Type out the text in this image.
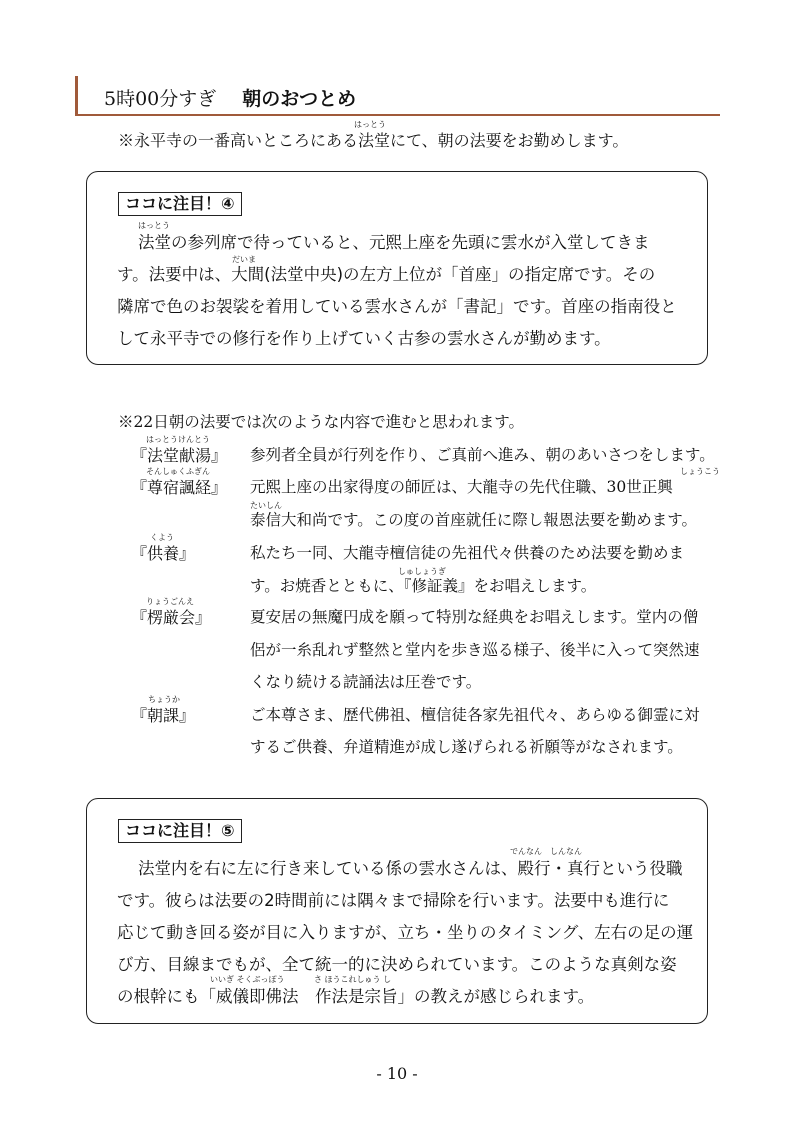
5時00分すぎ 朝のおつとめ
はっとう
※永平寺の一番高いところにある法堂にて、朝の法要をお勤めします。
ココに注目！④
はっとう
だいま
法堂の参列席で待っていると、元熙上座を先頭に雲水が入堂してきま
す。法要中は、大間(法堂中央)の左方上位が「首座」の指定席です。その
隣席で色のお袈裟を着用している雲水さんが「書記」です。首座の指南役と
して永平寺での修行を作り上げていく古参の雲水さんが勤めます。
※22日朝の法要では次のような内容で進むと思われます。
はっとうけんとう
『法堂献湯』 参列者全員が行列を作り、ご真前へ進み、朝のあいさつをします。
そんしゅくふぎん	しょうこう
『尊宿諷経』 元熙上座の出家得度の師匠は、大龍寺の先代住職、30世正興
たいしん
泰信大和尚です。この度の首座就任に際し報恩法要を勤めます。
くよう
しゅしょうぎ
『供養』	私たち一同、大龍寺檀信徒の先祖代々供養のため法要を勤めま
す。お焼香とともに、『修証義』をお唱えします。
りょうごんえ
『楞厳会』	夏安居の無魔円成を願って特別な経典をお唱えします。堂内の僧
侶が一糸乱れず整然と堂内を歩き巡る様子、後半に入って突然速
くなり続ける読誦法は圧巻です。
ちょうか
『朝課』	ご本尊さま、歴代佛祖、檀信徒各家先祖代々、あらゆる御霊に対
するご供養、弁道精進が成し遂げられる祈願等がなされます。
ココに注目！⑤
でんなん　しんなん
いいぎ そくぶっぽう	さ ほうこれしゅう し
法堂内を右に左に行き来している係の雲水さんは、殿行・真行という役職
です。彼らは法要の2時間前には隅々まで掃除を行います。法要中も進行に
応じて動き回る姿が目に入りますが、立ち・坐りのタイミング、左右の足の運
び方、目線までもが、全て統一的に決められています。このような真剣な姿
の根幹にも「威儀即佛法　作法是宗旨」の教えが感じられます。
- 10 -
